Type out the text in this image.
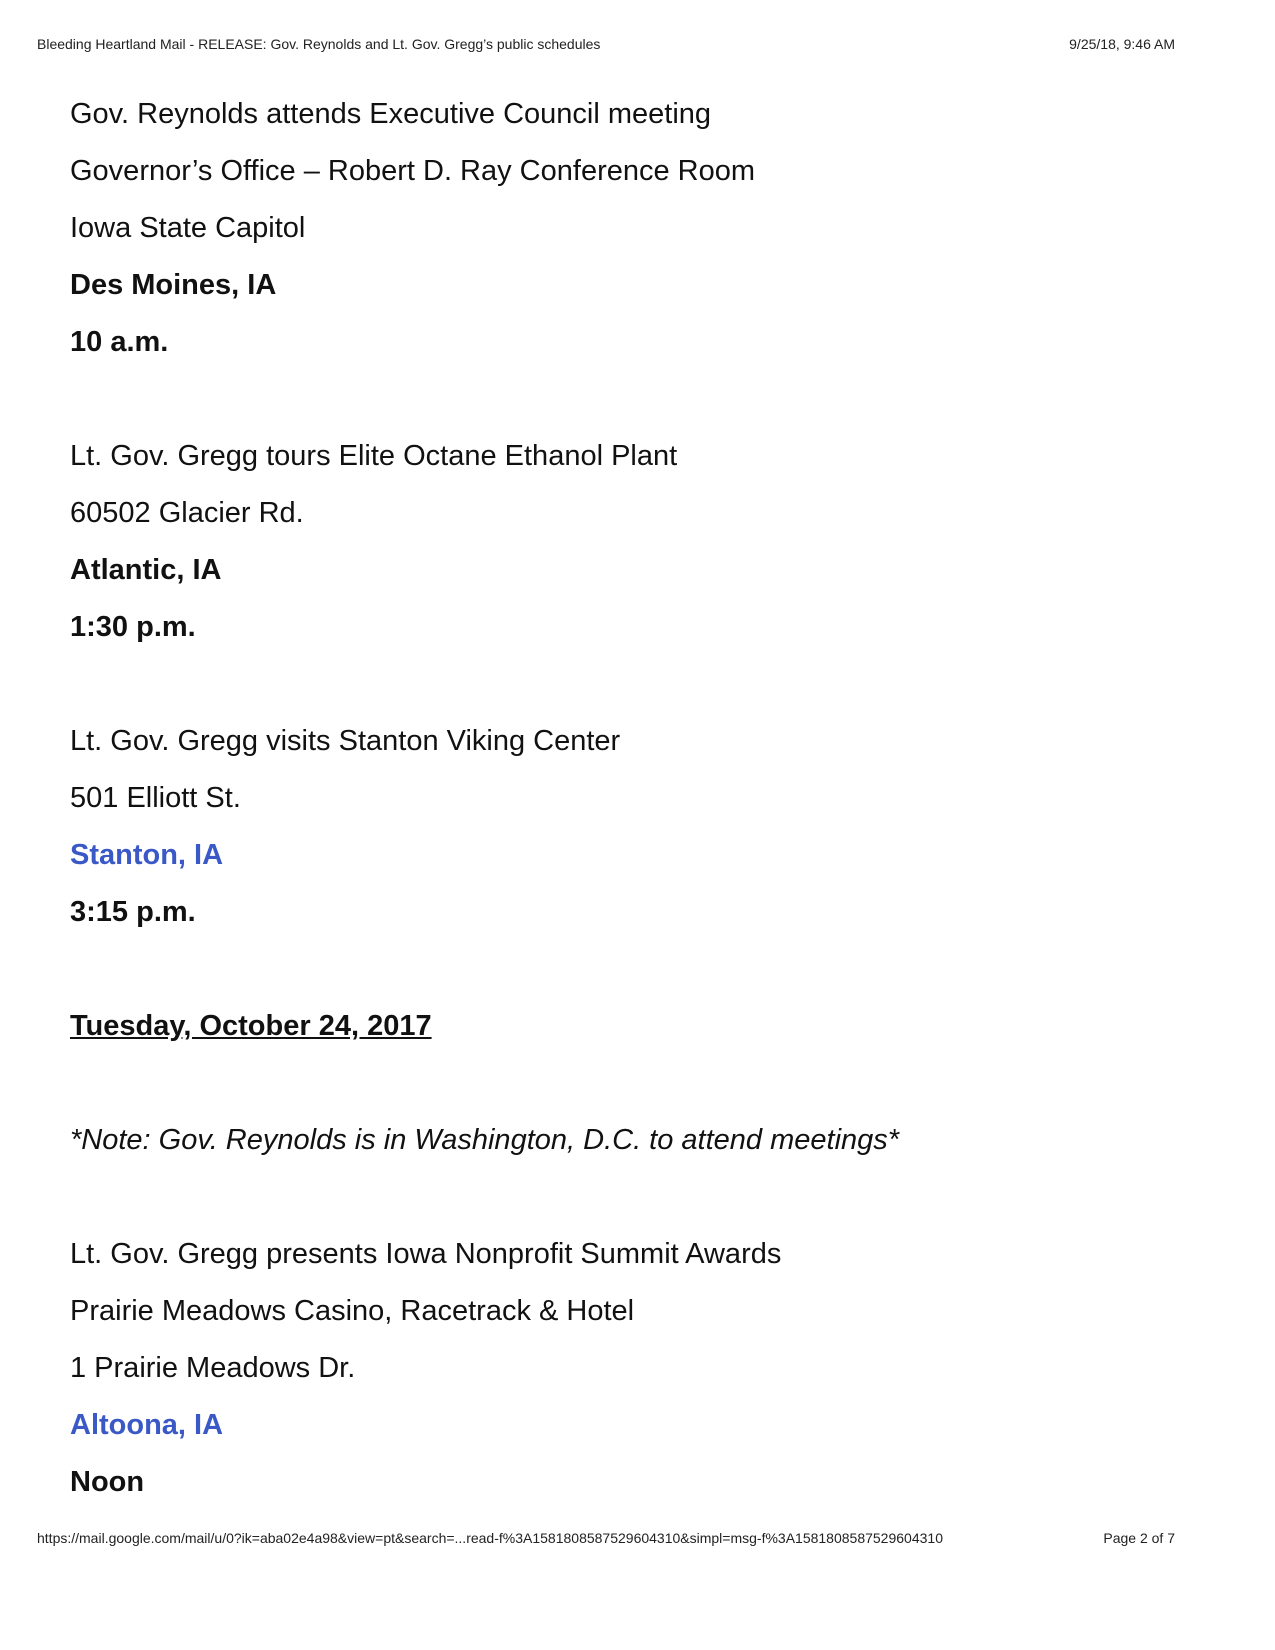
Bleeding Heartland Mail - RELEASE: Gov. Reynolds and Lt. Gov. Gregg’s public schedules	9/25/18, 9:46 AM
Gov. Reynolds attends Executive Council meeting
Governor’s Office – Robert D. Ray Conference Room
Iowa State Capitol
Des Moines, IA
10 a.m.
Lt. Gov. Gregg tours Elite Octane Ethanol Plant
60502 Glacier Rd.
Atlantic, IA
1:30 p.m.
Lt. Gov. Gregg visits Stanton Viking Center
501 Elliott St.
Stanton, IA
3:15 p.m.
Tuesday, October 24, 2017
*Note: Gov. Reynolds is in Washington, D.C. to attend meetings*
Lt. Gov. Gregg presents Iowa Nonprofit Summit Awards
Prairie Meadows Casino, Racetrack & Hotel
1 Prairie Meadows Dr.
Altoona, IA
Noon
https://mail.google.com/mail/u/0?ik=aba02e4a98&view=pt&search=...read-f%3A1581808587529604310&simpl=msg-f%3A1581808587529604310	Page 2 of 7
